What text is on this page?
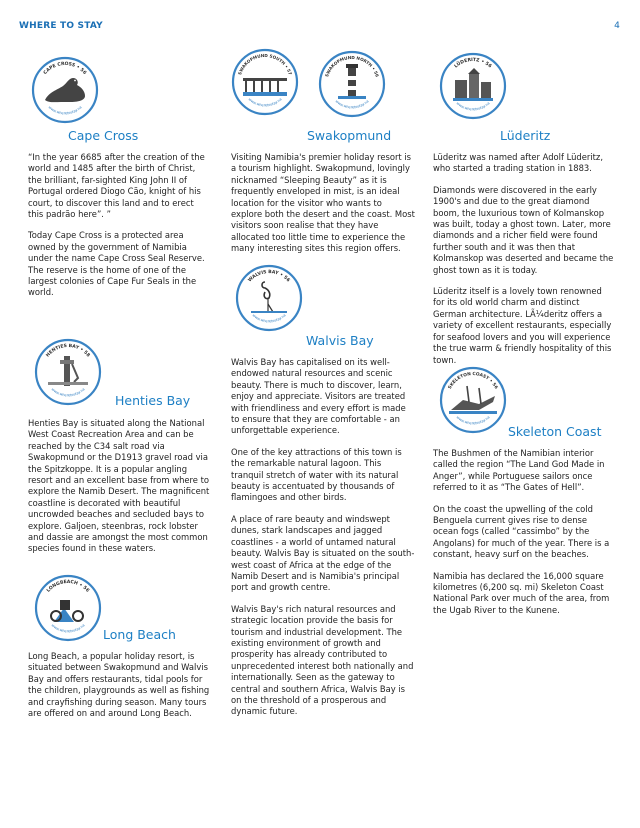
WHERE TO STAY	4
CAPE CROSS • 56
www.wheretostay.na
Cape Cross

“In the year 6685 after the creation of the world and 1485 after the birth of Christ, the brilliant, far-sighted King John II of Portugal ordered Diogo Cão, knight of his court, to discover this land and to erect this padrão here”. ”

Today Cape Cross is a protected area owned by the government of Namibia under the name Cape Cross Seal Reserve. The reserve is the home of one of the largest colonies of Cape Fur Seals in the world.

HENTIES BAY • 58
www.wheretostay.na
Henties Bay

Henties Bay is situated along the National West Coast Recreation Area and can be reached by the C34 salt road via Swakopmund or the D1913 gravel road via the Spitzkoppe. It is a popular angling resort and an excellent base from where to explore the Namib Desert. The magnificent coastline is decorated with beautiful uncrowded beaches and secluded bays to explore. Galjoen, steenbras, rock lobster and dassie are amongst the most common species found in these waters.

LONGBEACH • 56
www.wheretostay.na
Long Beach

Long Beach, a popular holiday resort, is situated between Swakopmund and Walvis Bay and offers restaurants, tidal pools for the children, playgrounds as well as fishing and crayfishing during season. Many tours are offered on and around Long Beach.

SWAKOPMUND SOUTH • 57
www.wheretostay.na
SWAKOPMUND NORTH • 56
www.wheretostay.na
Swakopmund

Visiting Namibia's premier holiday resort is a tourism highlight. Swakopmund, lovingly nicknamed “Sleeping Beauty” as it is frequently enveloped in mist, is an ideal location for the visitor who wants to explore both the desert and the coast. Most visitors soon realise that they have allocated too little time to experience the many interesting sites this region offers.

WALVIS BAY • 56
www.wheretostay.na
Walvis Bay

Walvis Bay has capitalised on its well-endowed natural resources and scenic beauty. There is much to discover, learn, enjoy and appreciate. Visitors are treated with friendliness and every effort is made to ensure that they are comfortable - an unforgettable experience.

One of the key attractions of this town is the remarkable natural lagoon. This tranquil stretch of water with its natural beauty is accentuated by thousands of flamingoes and other birds.

A place of rare beauty and windswept dunes, stark landscapes and jagged coastlines - a world of untamed natural beauty. Walvis Bay is situated on the south-west coast of Africa at the edge of the Namib Desert and is Namibia's principal port and growth centre.

Walvis Bay's rich natural resources and strategic location provide the basis for tourism and industrial development. The existing environment of growth and prosperity has already contributed to unprecedented interest both nationally and internationally. Seen as the gateway to central and southern Africa, Walvis Bay is on the threshold of a prosperous and dynamic future.

LÜDERITZ • 56
www.wheretostay.na
Lüderitz

Lüderitz was named after Adolf Lüderitz, who started a trading station in 1883.

Diamonds were discovered in the early 1900's and due to the great diamond boom, the luxurious town of Kolmanskop was built, today a ghost town. Later, more diamonds and a richer field were found further south and it was then that Kolmanskop was deserted and became the ghost town as it is today.

Lüderitz itself is a lovely town renowned for its old world charm and distinct German architecture. LÃ¼deritz offers a variety of excellent restaurants, especially for seafood lovers and you will experience the true warm & friendly hospitality of this town.

SKELETON COAST • 56
www.wheretostay.na
Skeleton Coast

The Bushmen of the Namibian interior called the region “The Land God Made in Anger”, while Portuguese sailors once referred to it as “The Gates of Hell”.

On the coast the upwelling of the cold Benguela current gives rise to dense ocean fogs (called “cassimbo” by the Angolans) for much of the year. There is a constant, heavy surf on the beaches.

Namibia has declared the 16,000 square kilometres (6,200 sq. mi) Skeleton Coast National Park over much of the area, from the Ugab River to the Kunene.
